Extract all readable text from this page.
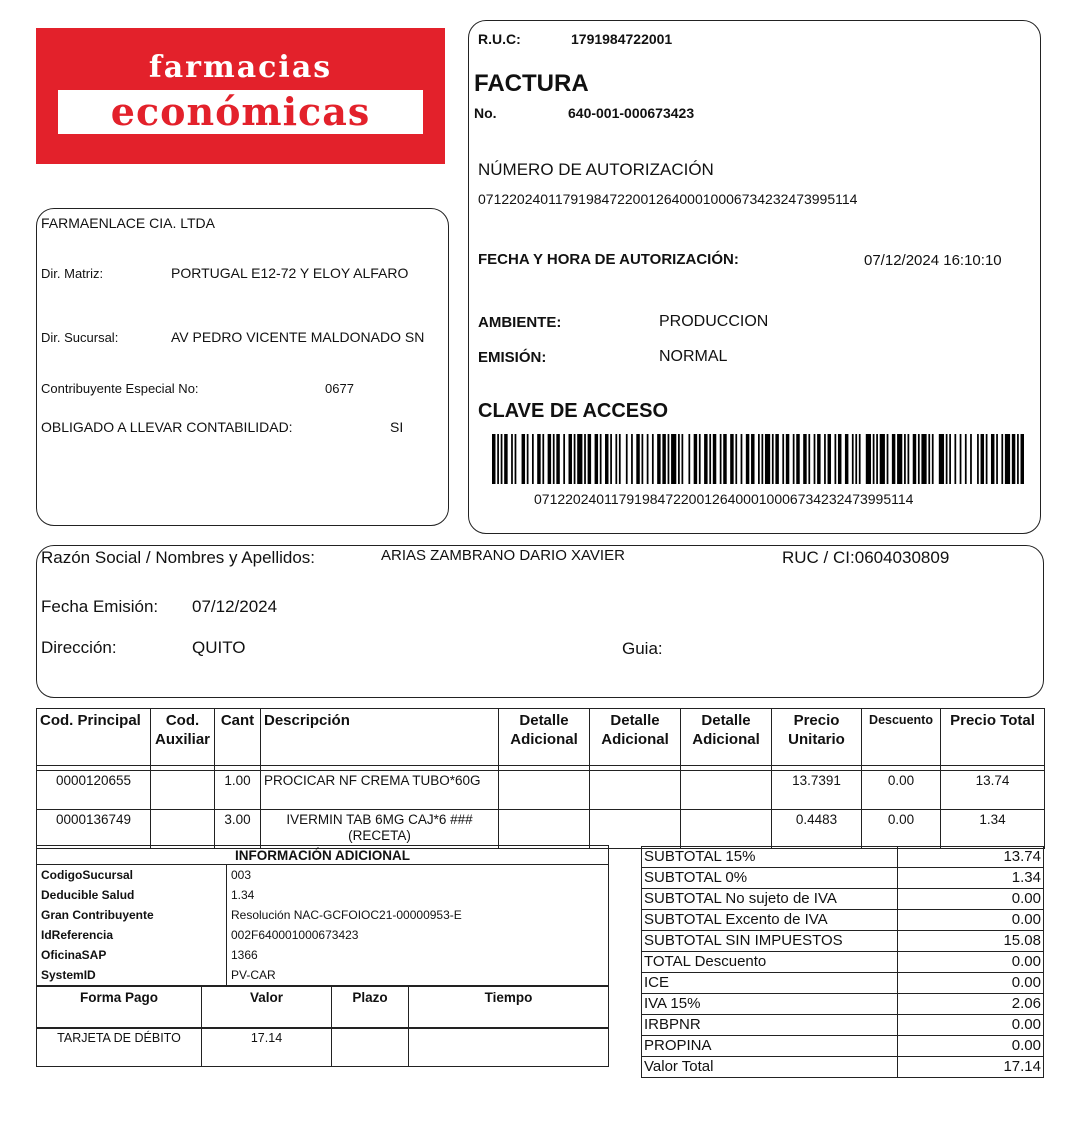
farmacias
económicas
FARMAENLACE CIA. LTDA
Dir. Matriz:	PORTUGAL E12-72 Y ELOY ALFARO
Dir. Sucursal:	AV PEDRO VICENTE MALDONADO SN
Contribuyente Especial No:	0677
OBLIGADO A LLEVAR CONTABILIDAD:	SI
R.U.C:	1791984722001
FACTURA
No.	640-001-000673423
NÚMERO DE AUTORIZACIÓN
0712202401179198472200126400010006734232473995114
FECHA Y HORA DE AUTORIZACIÓN:	07/12/2024 16:10:10
AMBIENTE:	PRODUCCION
EMISIÓN:	NORMAL
CLAVE DE ACCESO
0712202401179198472200126400010006734232473995114
Razón Social / Nombres y Apellidos:	ARIAS ZAMBRANO DARIO XAVIER	RUC / CI:0604030809
Fecha Emisión: 07/12/2024
Dirección:	QUITO	Guia:
Cod. Principal	Cod. Auxiliar	Cant	Descripción	Detalle Adicional	Detalle Adicional	Detalle Adicional	Precio Unitario	Descuento	Precio Total

0000120655		1.00	PROCICAR NF CREMA TUBO*60G				13.7391	0.00	13.74
0000136749		3.00	IVERMIN TAB 6MG CAJ*6 ###(RECETA)				0.4483	0.00	1.34
INFORMACIÓN ADICIONAL	
CodigoSucursal	003
Deducible Salud	1.34
Gran Contribuyente	Resolución NAC-GCFOIOC21-00000953-E
IdReferencia	002F640001000673423
OficinaSAP	1366
SystemID	PV-CAR
Forma Pago	Valor	Plazo	Tiempo
TARJETA DE DÉBITO	17.14		
SUBTOTAL 15%	13.74
SUBTOTAL 0%	1.34
SUBTOTAL No sujeto de IVA	0.00
SUBTOTAL Excento de IVA	0.00
SUBTOTAL SIN IMPUESTOS	15.08
TOTAL Descuento	0.00
ICE	0.00
IVA 15%	2.06
IRBPNR	0.00
PROPINA	0.00
Valor Total	17.14
